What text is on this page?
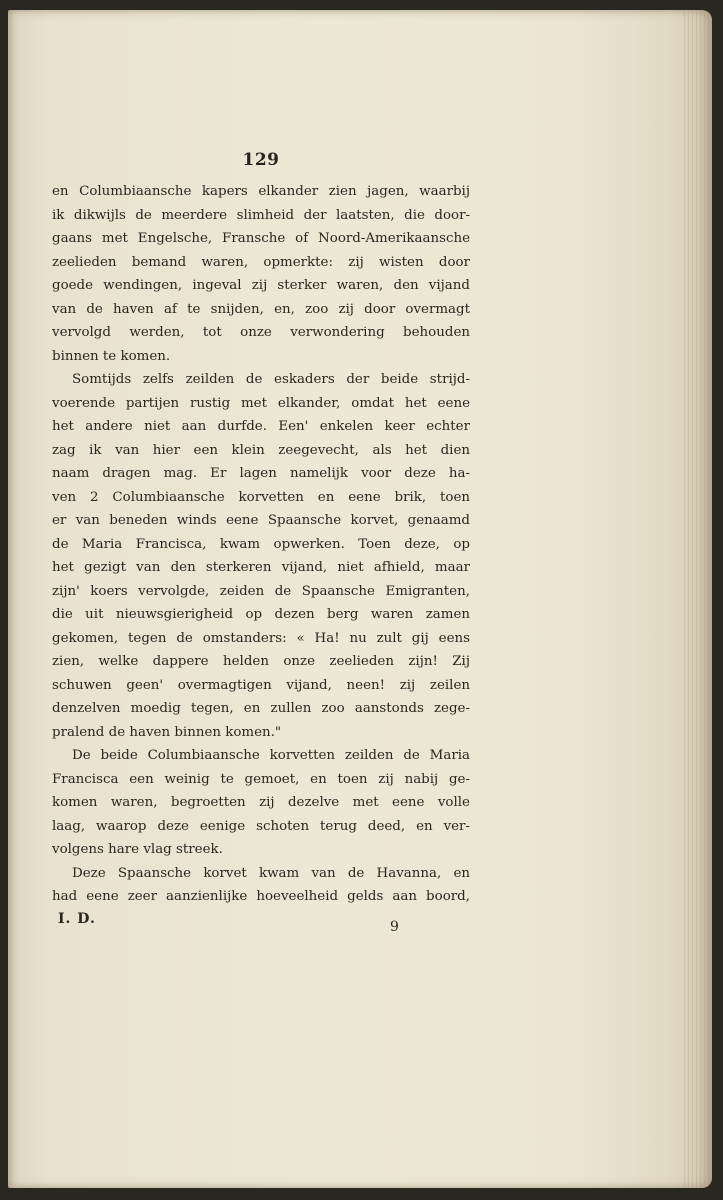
129

en Columbiaansche kapers elkander zien jagen, waarbij
ik dikwijls de meerdere slimheid der laatsten, die door-
gaans met Engelsche, Fransche of Noord-Amerikaansche
zeelieden bemand waren, opmerkte: zij wisten door
goede wendingen, ingeval zij sterker waren, den vijand
van de haven af te snijden, en, zoo zij door overmagt
vervolgd werden, tot onze verwondering behouden
binnen te komen.

Somtijds zelfs zeilden de eskaders der beide strijd-
voerende partijen rustig met elkander, omdat het eene
het andere niet aan durfde. Een' enkelen keer echter
zag ik van hier een klein zeegevecht, als het dien
naam dragen mag. Er lagen namelijk voor deze ha-
ven 2 Columbiaansche korvetten en eene brik, toen
er van beneden winds eene Spaansche korvet, genaamd
de Maria Francisca, kwam opwerken. Toen deze, op
het gezigt van den sterkeren vijand, niet afhield, maar
zijn' koers vervolgde, zeiden de Spaansche Emigranten,
die uit nieuwsgierigheid op dezen berg waren zamen
gekomen, tegen de omstanders: « Ha! nu zult gij eens
zien, welke dappere helden onze zeelieden zijn! Zij
schuwen geen' overmagtigen vijand, neen! zij zeilen
denzelven moedig tegen, en zullen zoo aanstonds zege-
pralend de haven binnen komen."

De beide Columbiaansche korvetten zeilden de Maria
Francisca een weinig te gemoet, en toen zij nabij ge-
komen waren, begroetten zij dezelve met eene volle
laag, waarop deze eenige schoten terug deed, en ver-
volgens hare vlag streek.

Deze Spaansche korvet kwam van de Havanna, en
had eene zeer aanzienlijke hoeveelheid gelds aan boord,

I. D.	9
